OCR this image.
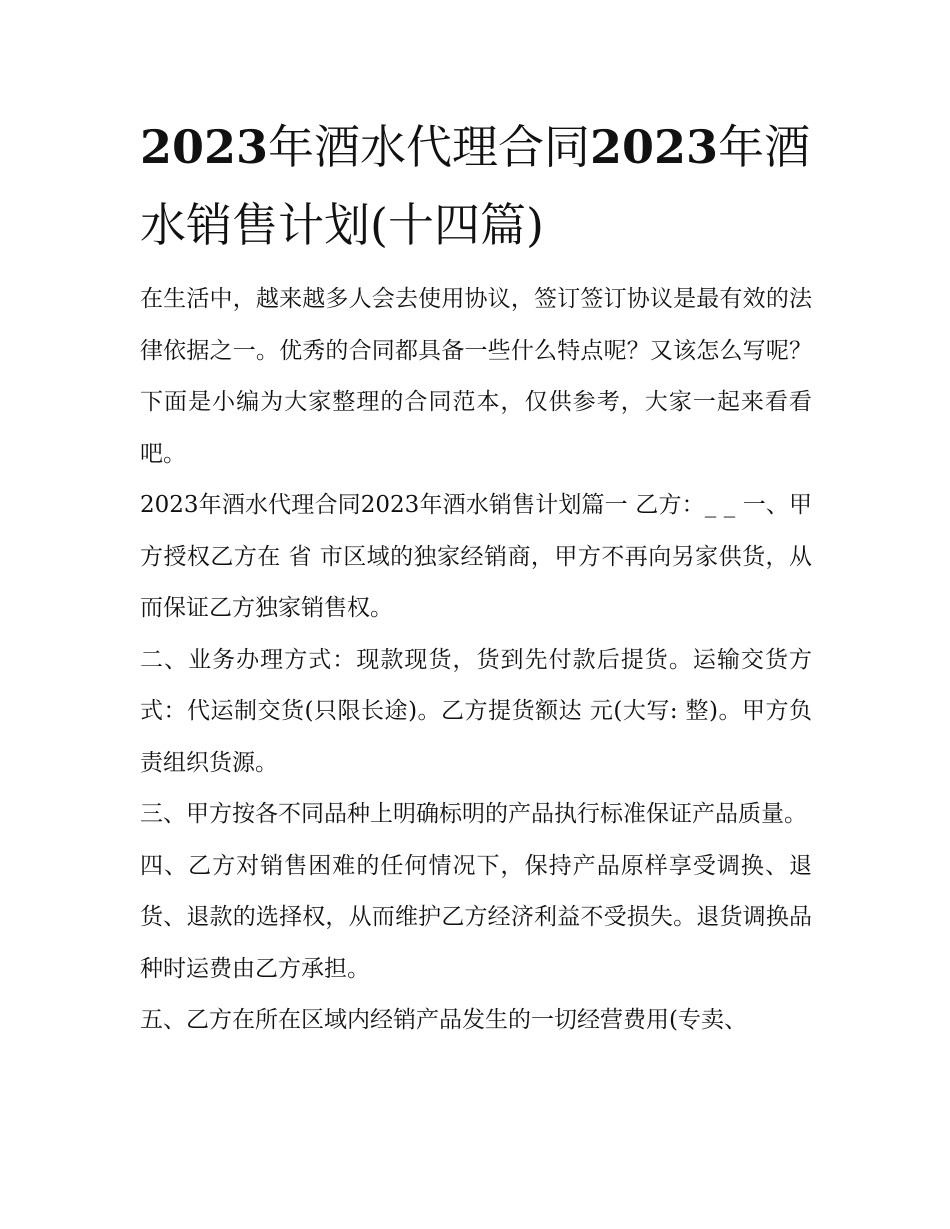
2023年酒水代理合同2023年酒水销售计划(十四篇)

在生活中，越来越多人会去使用协议，签订签订协议是最有效的法律依据之一。优秀的合同都具备一些什么特点呢？又该怎么写呢？下面是小编为大家整理的合同范本，仅供参考，大家一起来看看吧。

2023年酒水代理合同2023年酒水销售计划篇一 乙方：_ _ 一、甲方授权乙方在 省 市区域的独家经销商，甲方不再向另家供货，从而保证乙方独家销售权。

二、业务办理方式：现款现货，货到先付款后提货。运输交货方式：代运制交货(只限长途)。乙方提货额达 元(大写: 整)。甲方负责组织货源。

三、甲方按各不同品种上明确标明的产品执行标准保证产品质量。

四、乙方对销售困难的任何情况下，保持产品原样享受调换、退货、退款的选择权，从而维护乙方经济利益不受损失。退货调换品种时运费由乙方承担。

五、乙方在所在区域内经销产品发生的一切经营费用(专卖、
